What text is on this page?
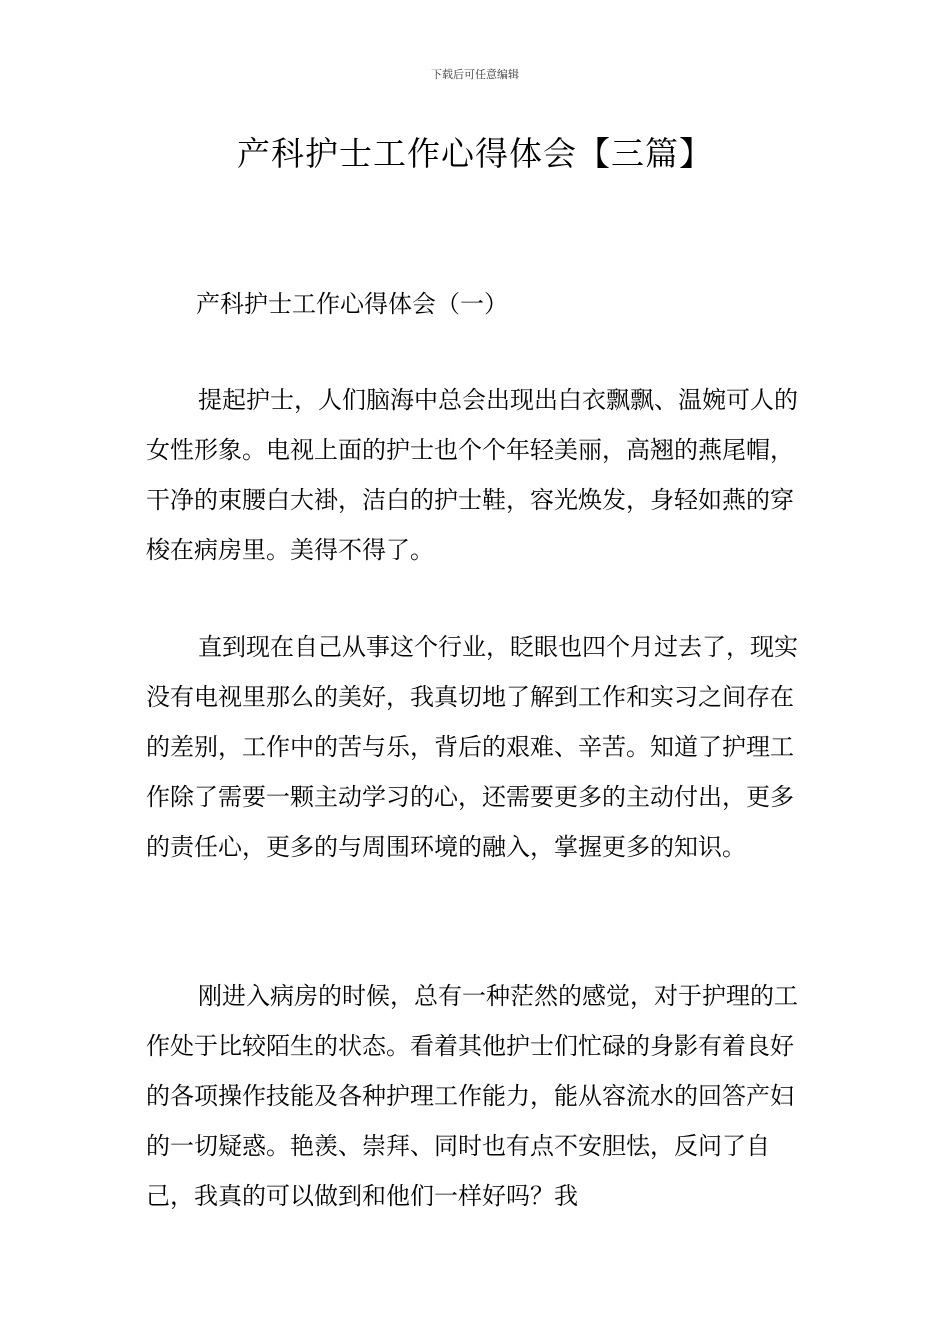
下载后可任意编辑
产科护士工作心得体会【三篇】
产科护士工作心得体会（一）

提起护士，人们脑海中总会出现出白衣飘飘、温婉可人的女性形象。电视上面的护士也个个年轻美丽，高翘的燕尾帽，干净的束腰白大褂，洁白的护士鞋，容光焕发，身轻如燕的穿梭在病房里。美得不得了。

直到现在自己从事这个行业，眨眼也四个月过去了，现实没有电视里那么的美好，我真切地了解到工作和实习之间存在的差别，工作中的苦与乐，背后的艰难、辛苦。知道了护理工作除了需要一颗主动学习的心，还需要更多的主动付出，更多的责任心，更多的与周围环境的融入，掌握更多的知识。

刚进入病房的时候，总有一种茫然的感觉，对于护理的工作处于比较陌生的状态。看着其他护士们忙碌的身影有着良好的各项操作技能及各种护理工作能力，能从容流水的回答产妇的一切疑惑。艳羡、崇拜、同时也有点不安胆怯，反问了自己，我真的可以做到和他们一样好吗？我
